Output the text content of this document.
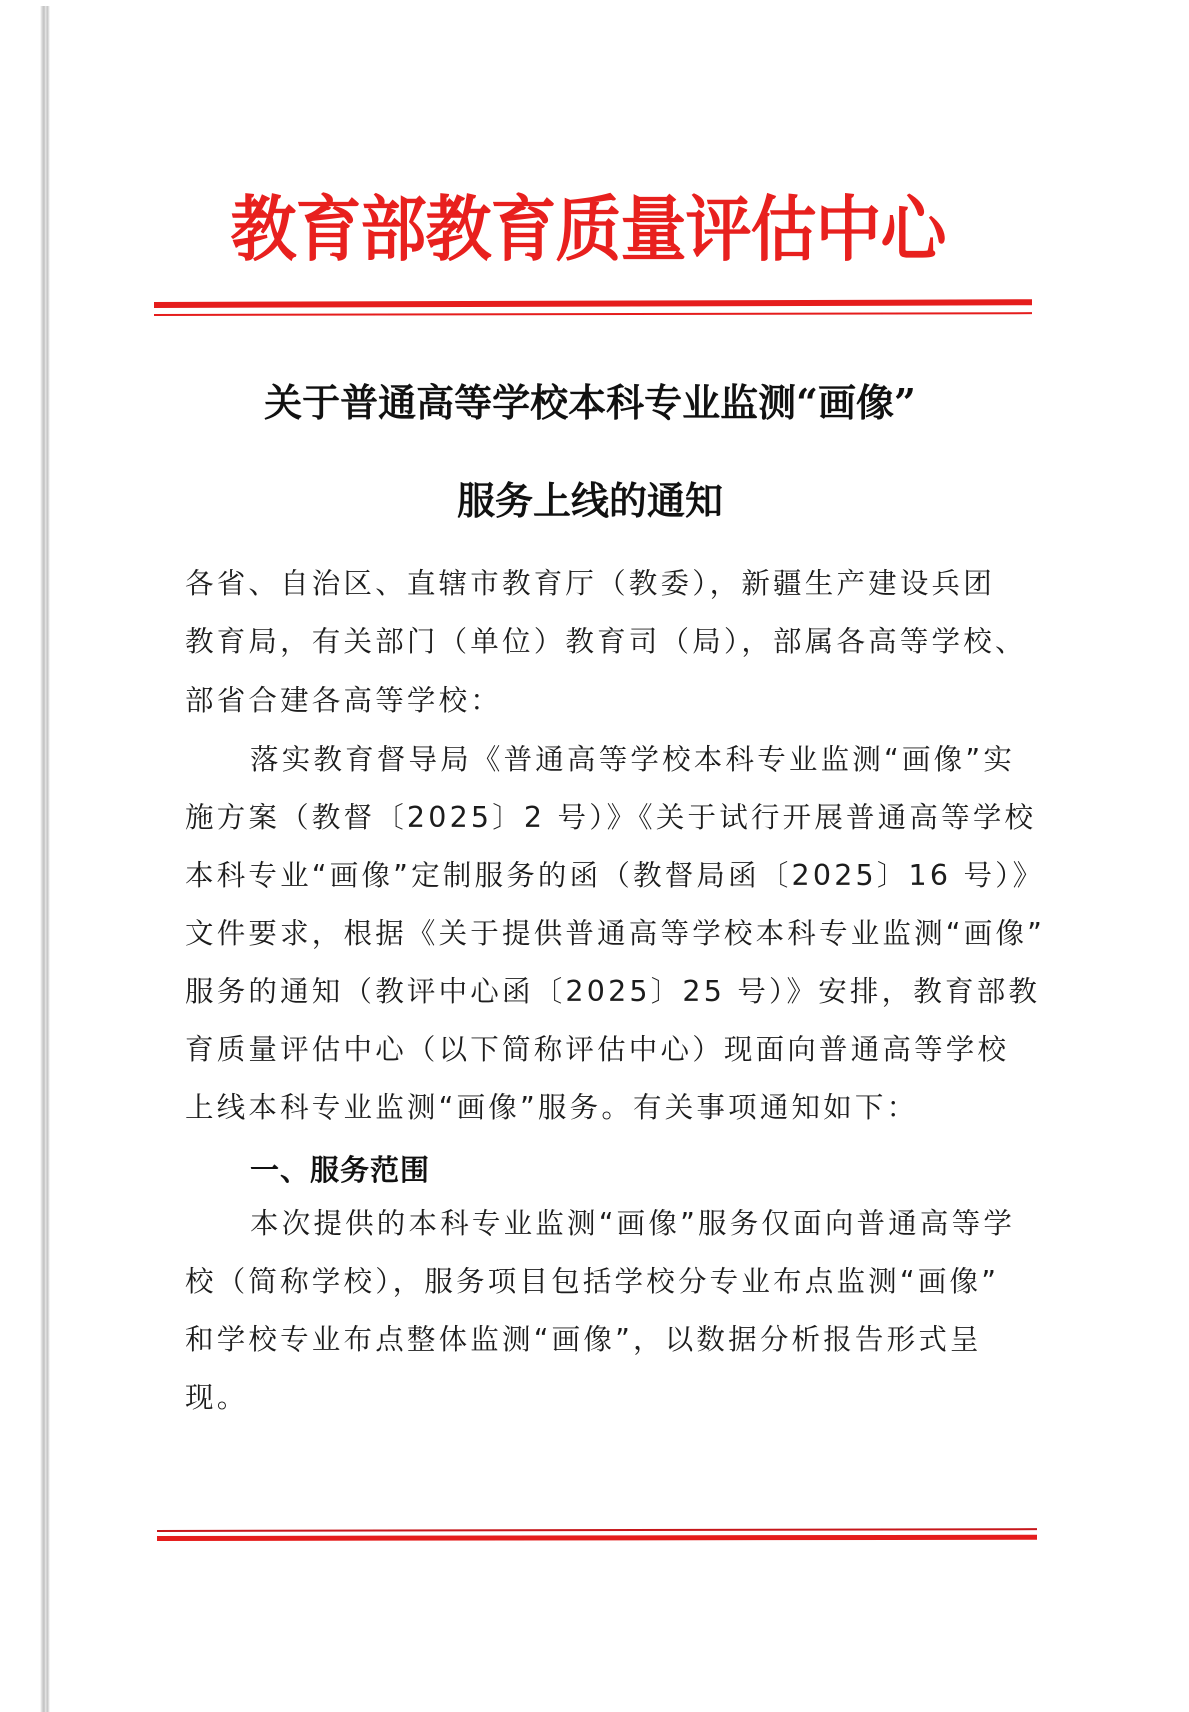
教育部教育质量评估中心
关于普通高等学校本科专业监测“画像”
服务上线的通知
各省、自治区、直辖市教育厅（教委），新疆生产建设兵团
教育局，有关部门（单位）教育司（局），部属各高等学校、
部省合建各高等学校：
落实教育督导局《普通高等学校本科专业监测“画像”实
施方案（教督〔2025〕2 号）》《关于试行开展普通高等学校
本科专业“画像”定制服务的函（教督局函〔2025〕16 号）》
文件要求，根据《关于提供普通高等学校本科专业监测“画像”
服务的通知（教评中心函〔2025〕25 号）》安排，教育部教
育质量评估中心（以下简称评估中心）现面向普通高等学校
上线本科专业监测“画像”服务。有关事项通知如下：
一、服务范围
本次提供的本科专业监测“画像”服务仅面向普通高等学
校（简称学校），服务项目包括学校分专业布点监测“画像”
和学校专业布点整体监测“画像”，以数据分析报告形式呈
现。
